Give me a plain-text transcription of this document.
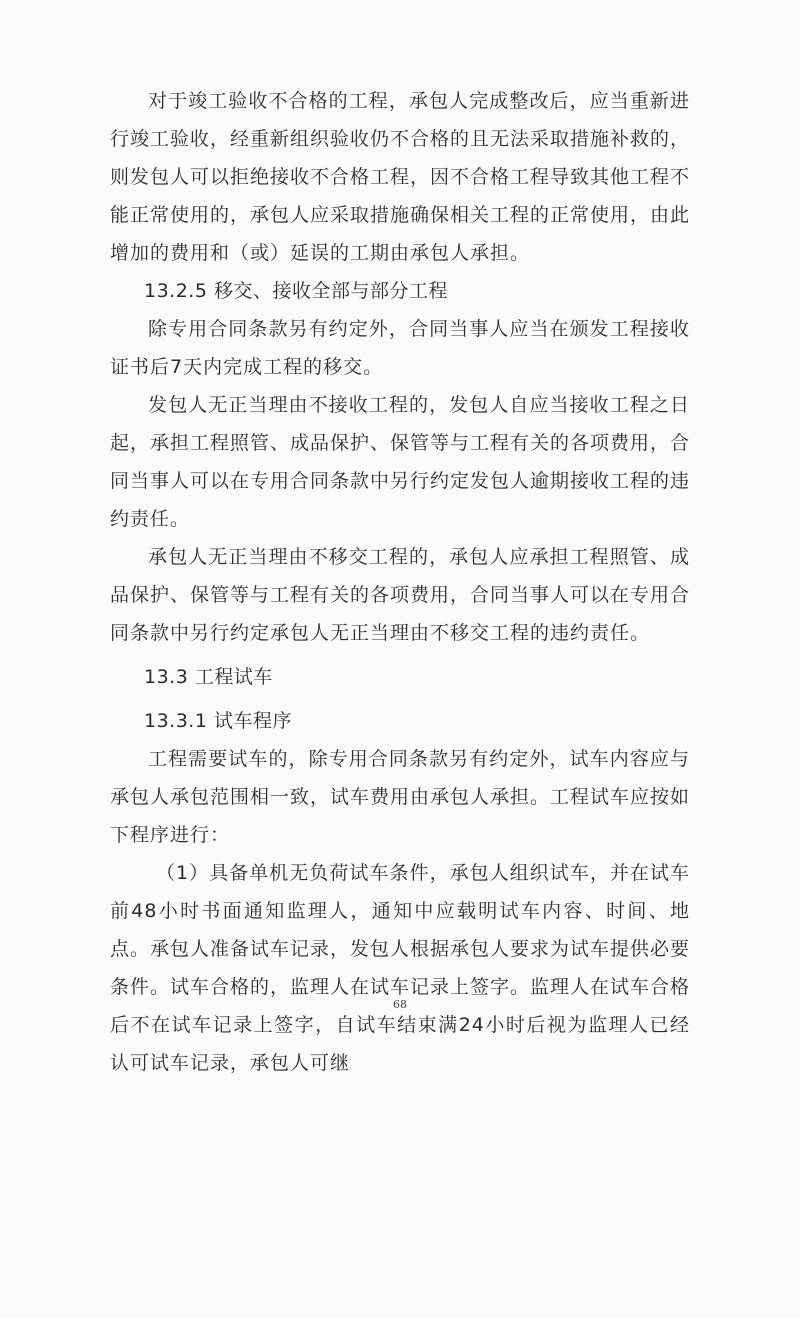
对于竣工验收不合格的工程，承包人完成整改后，应当重新进行竣工验收，经重新组织验收仍不合格的且无法采取措施补救的，则发包人可以拒绝接收不合格工程，因不合格工程导致其他工程不能正常使用的，承包人应采取措施确保相关工程的正常使用，由此增加的费用和（或）延误的工期由承包人承担。

13.2.5 移交、接收全部与部分工程

除专用合同条款另有约定外，合同当事人应当在颁发工程接收证书后7天内完成工程的移交。

发包人无正当理由不接收工程的，发包人自应当接收工程之日起，承担工程照管、成品保护、保管等与工程有关的各项费用，合同当事人可以在专用合同条款中另行约定发包人逾期接收工程的违约责任。

承包人无正当理由不移交工程的，承包人应承担工程照管、成品保护、保管等与工程有关的各项费用，合同当事人可以在专用合同条款中另行约定承包人无正当理由不移交工程的违约责任。

13.3 工程试车

13.3.1 试车程序

工程需要试车的，除专用合同条款另有约定外，试车内容应与承包人承包范围相一致，试车费用由承包人承担。工程试车应按如下程序进行：

（1）具备单机无负荷试车条件，承包人组织试车，并在试车前48小时书面通知监理人，通知中应载明试车内容、时间、地点。承包人准备试车记录，发包人根据承包人要求为试车提供必要条件。试车合格的，监理人在试车记录上签字。监理人在试车合格后不在试车记录上签字，自试车结束满24小时后视为监理人已经认可试车记录，承包人可继

68
